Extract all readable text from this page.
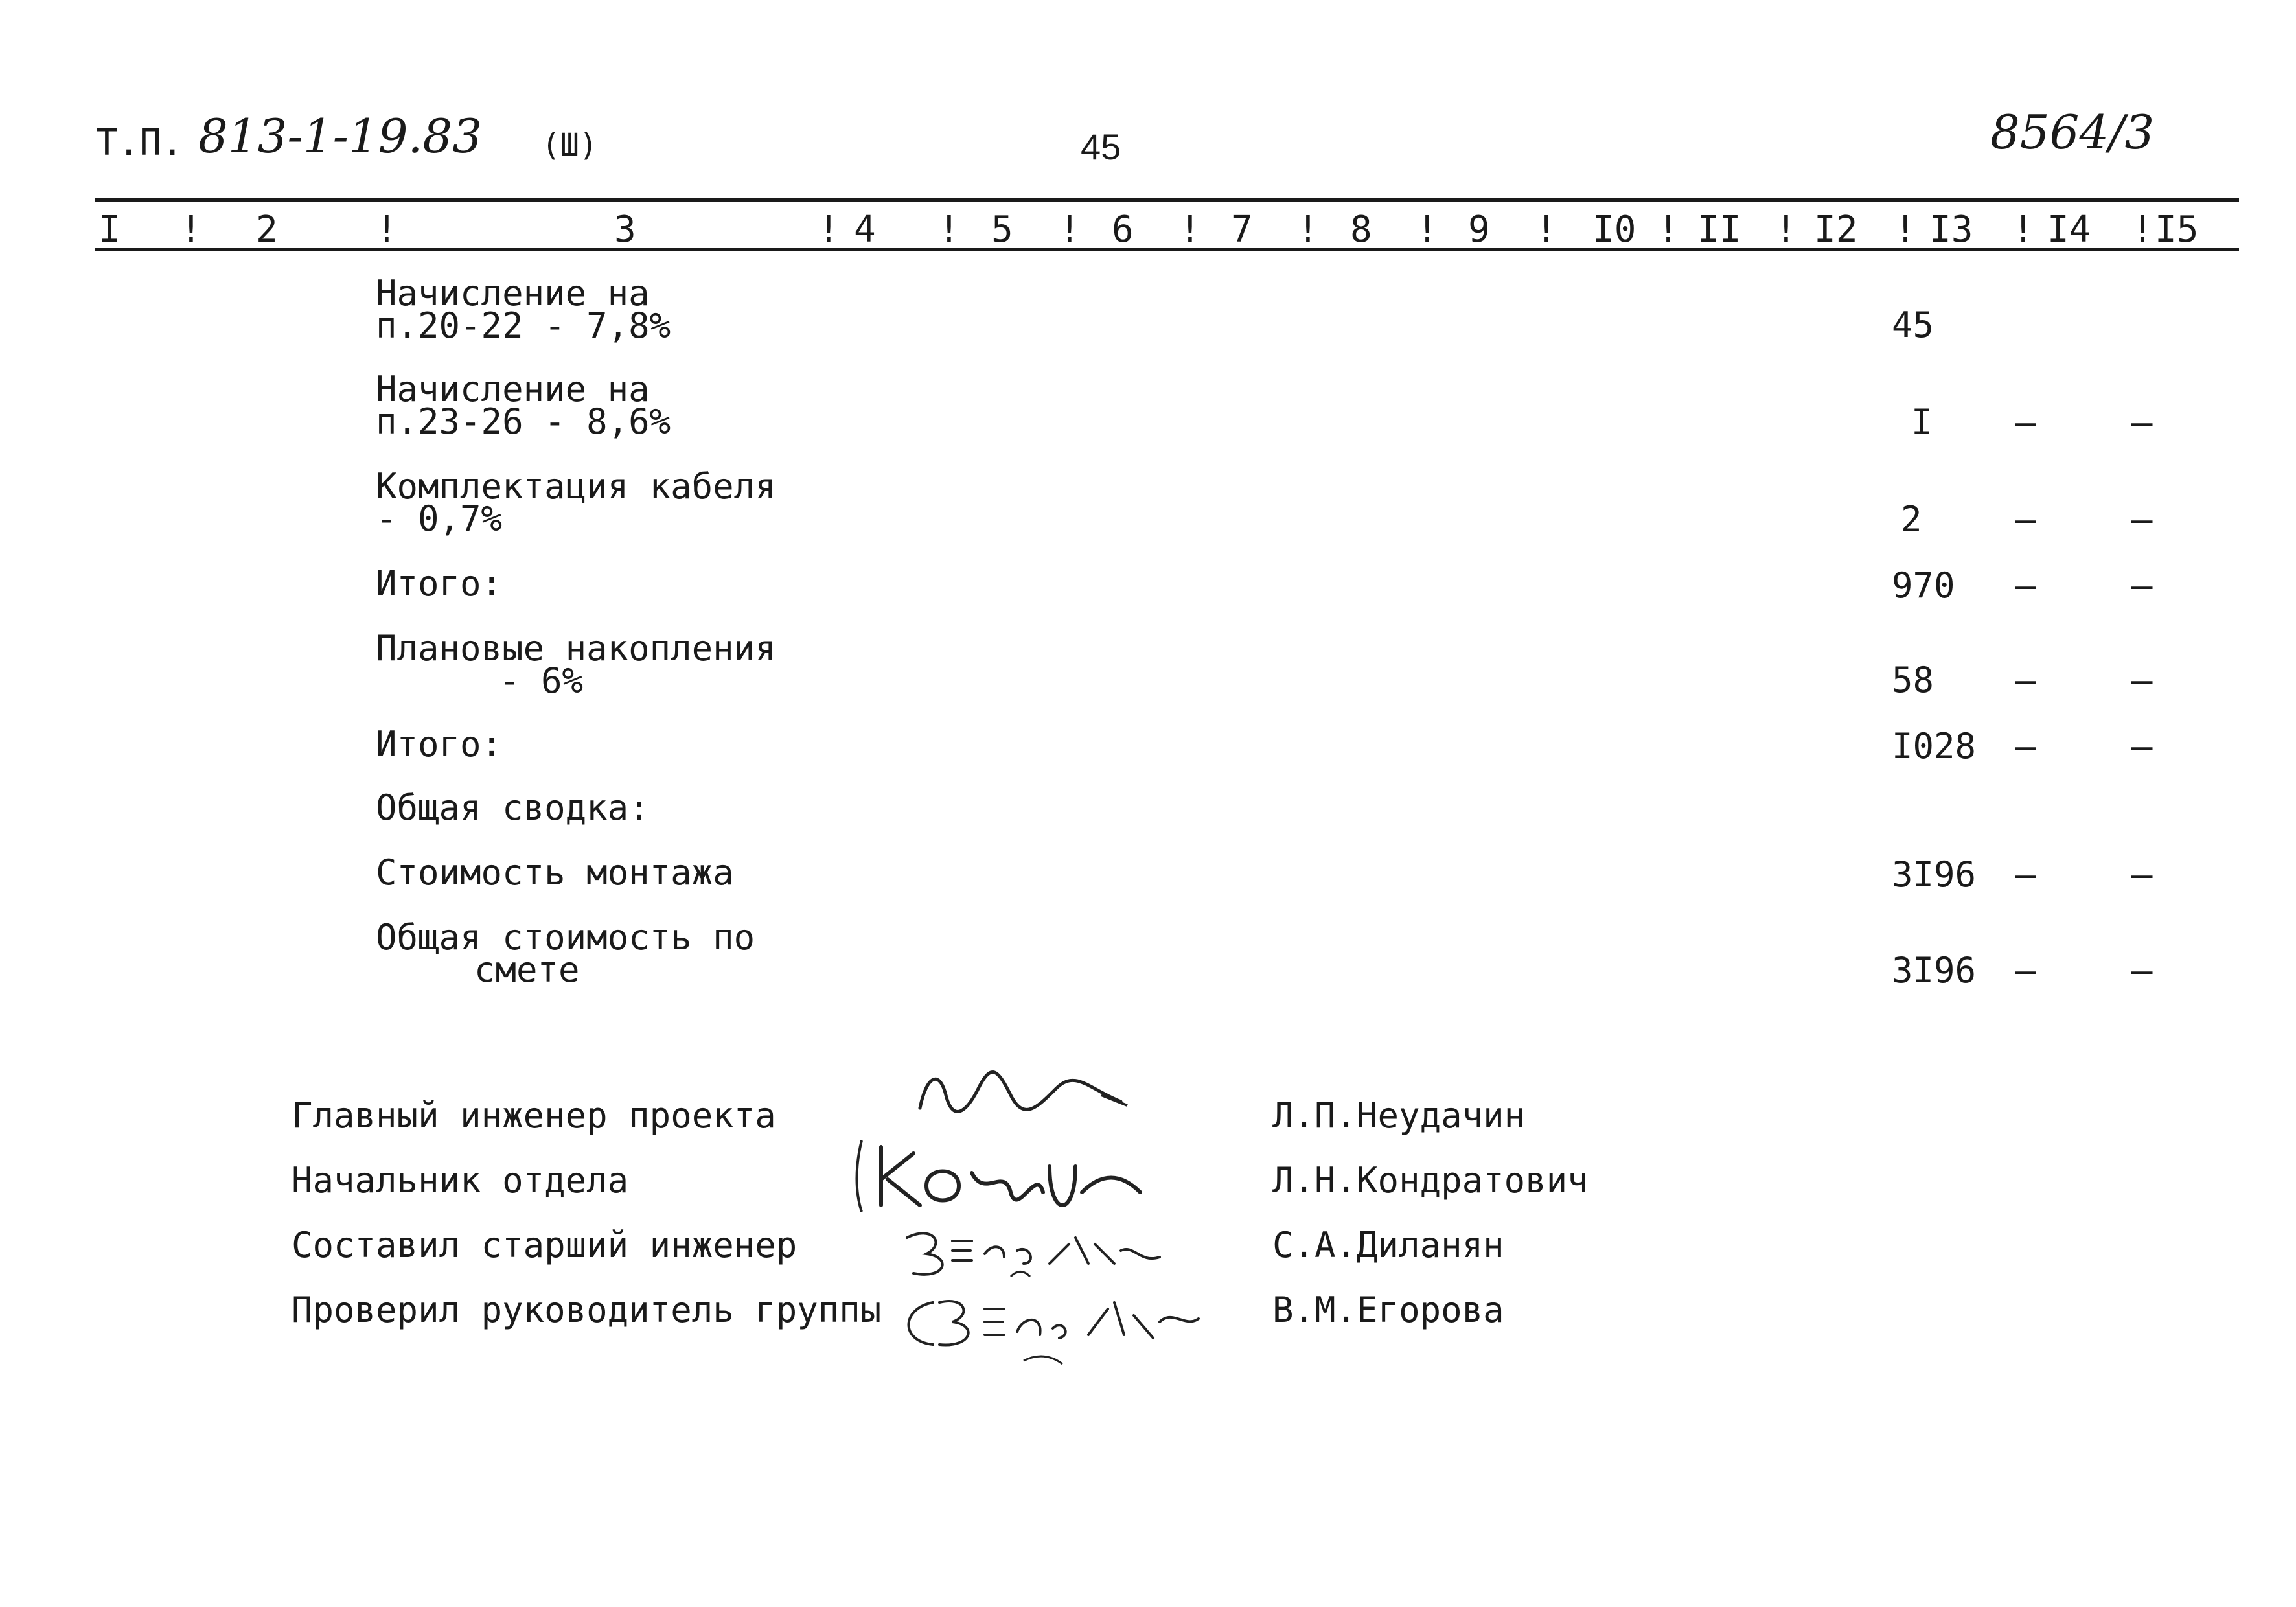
Т.П. 813-1-19.83 (Ш)	45	8564/3
I ! 2	!	3	! 4 ! 5 ! 6 ! 7 ! 8 ! 9 ! I0 ! II ! I2 ! I3 ! I4 ! I5
Начисление на
п.20-22 - 7,8%	45
Начисление на
п.23-26 - 8,6%	I –	–
Комплектация кабеля
- 0,7%	2	–	–
Итого:	970 –	–
Плановые накопления
- 6%	58 –	–
Итого:	I028 –	–
Общая сводка:
Стоимость монтажа	3I96 –	–
Общая стоимость по
смете	3I96 –	–
Главный инженер проекта	Л.П.Неудачин
Начальник отдела	Л.Н.Кондратович
Составил старший инженер	С.А.Диланян
Проверил руководитель группы	В.М.Егорова
